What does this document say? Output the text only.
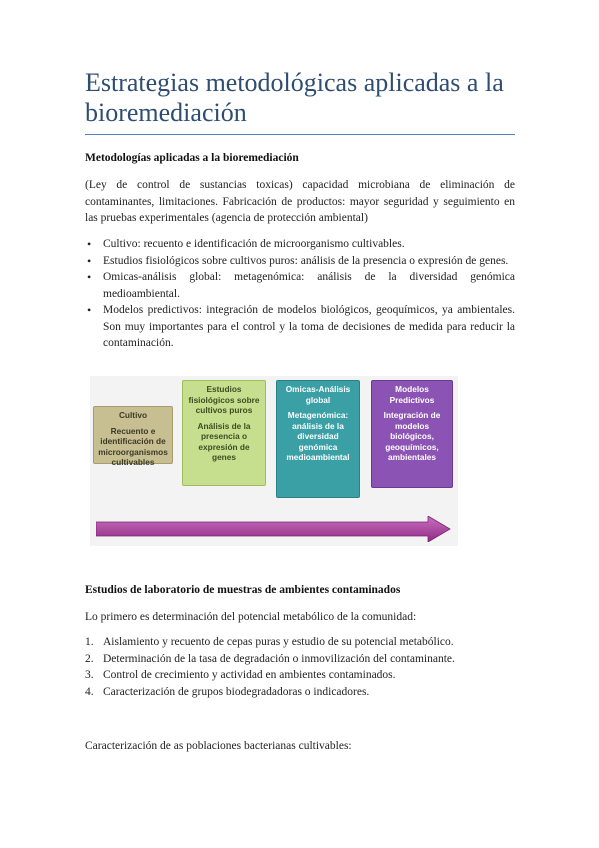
Estrategias metodológicas aplicadas a la bioremediación
Metodologías aplicadas a la bioremediación
(Ley de control de sustancias toxicas) capacidad microbiana de eliminación de contaminantes, limitaciones. Fabricación de productos: mayor seguridad y seguimiento en las pruebas experimentales (agencia de protección ambiental)
• Cultivo: recuento e identificación de microorganismo cultivables.
• Estudios fisiológicos sobre cultivos puros: análisis de la presencia o expresión de genes.
• Omicas-análisis global: metagenómica: análisis de la diversidad genómica medioambiental.
• Modelos predictivos: integración de modelos biológicos, geoquímicos, ya ambientales. Son muy importantes para el control y la toma de decisiones de medida para reducir la contaminación.
Cultivo
Recuento e identificación de microorganismos cultivables
Estudios fisiológicos sobre cultivos puros
Análisis de la presencia o expresión de genes
Omicas-Análisis global
Metagenómica: análisis de la diversidad genómica medioambiental
Modelos Predictivos
Integración de modelos biológicos, geoquímicos, ambientales
Estudios de laboratorio de muestras de ambientes contaminados
Lo primero es determinación del potencial metabólico de la comunidad:
1. Aislamiento y recuento de cepas puras y estudio de su potencial metabólico.
2. Determinación de la tasa de degradación o inmovilización del contaminante.
3. Control de crecimiento y actividad en ambientes contaminados.
4. Caracterización de grupos biodegradadoras o indicadores.
Caracterización de as poblaciones bacterianas cultivables:
